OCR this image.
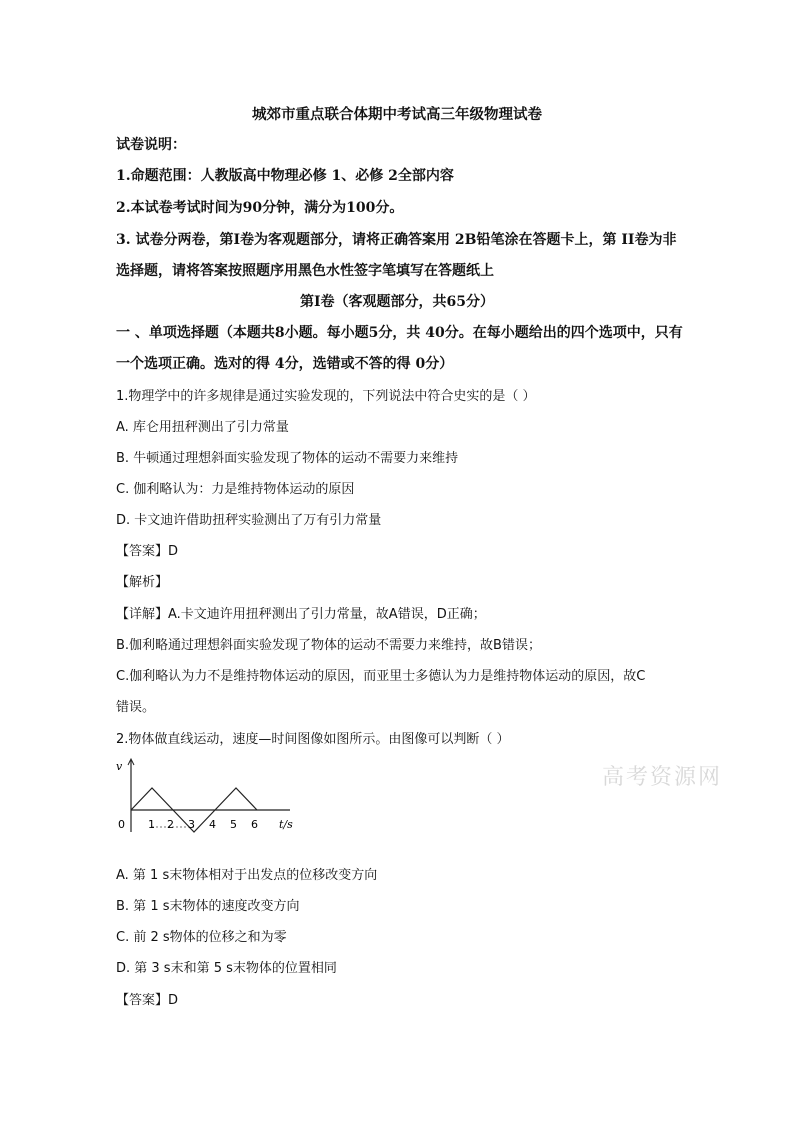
城郊市重点联合体期中考试高三年级物理试卷
试卷说明：
1.命题范围：人教版高中物理必修 1、必修 2全部内容
2.本试卷考试时间为90分钟，满分为100分。
3. 试卷分两卷，第Ⅰ卷为客观题部分，请将正确答案用 2B铅笔涂在答题卡上，第 II卷为非
选择题，请将答案按照题序用黑色水性签字笔填写在答题纸上
第Ⅰ卷（客观题部分，共65分）
一 、单项选择题（本题共8小题。每小题5分，共 40分。在每小题给出的四个选项中，只有
一个选项正确。选对的得 4分，选错或不答的得 0分）
1.物理学中的许多规律是通过实验发现的，下列说法中符合史实的是（ ）
A. 库仑用扭秤测出了引力常量
B. 牛顿通过理想斜面实验发现了物体的运动不需要力来维持
C. 伽利略认为：力是维持物体运动的原因
D. 卡文迪许借助扭秤实验测出了万有引力常量
【答案】D
【解析】
【详解】A.卡文迪许用扭秤测出了引力常量，故A错误，D正确；
B.伽利略通过理想斜面实验发现了物体的运动不需要力来维持，故B错误；
C.伽利略认为力不是维持物体运动的原因，而亚里士多德认为力是维持物体运动的原因，故C
错误。
2.物体做直线运动，速度—时间图像如图所示。由图像可以判断（ ）
v
0 1 2 3 4 5 6 t/s
高考资源网
A. 第 1 s末物体相对于出发点的位移改变方向
B. 第 1 s末物体的速度改变方向
C. 前 2 s物体的位移之和为零
D. 第 3 s末和第 5 s末物体的位置相同
【答案】D
